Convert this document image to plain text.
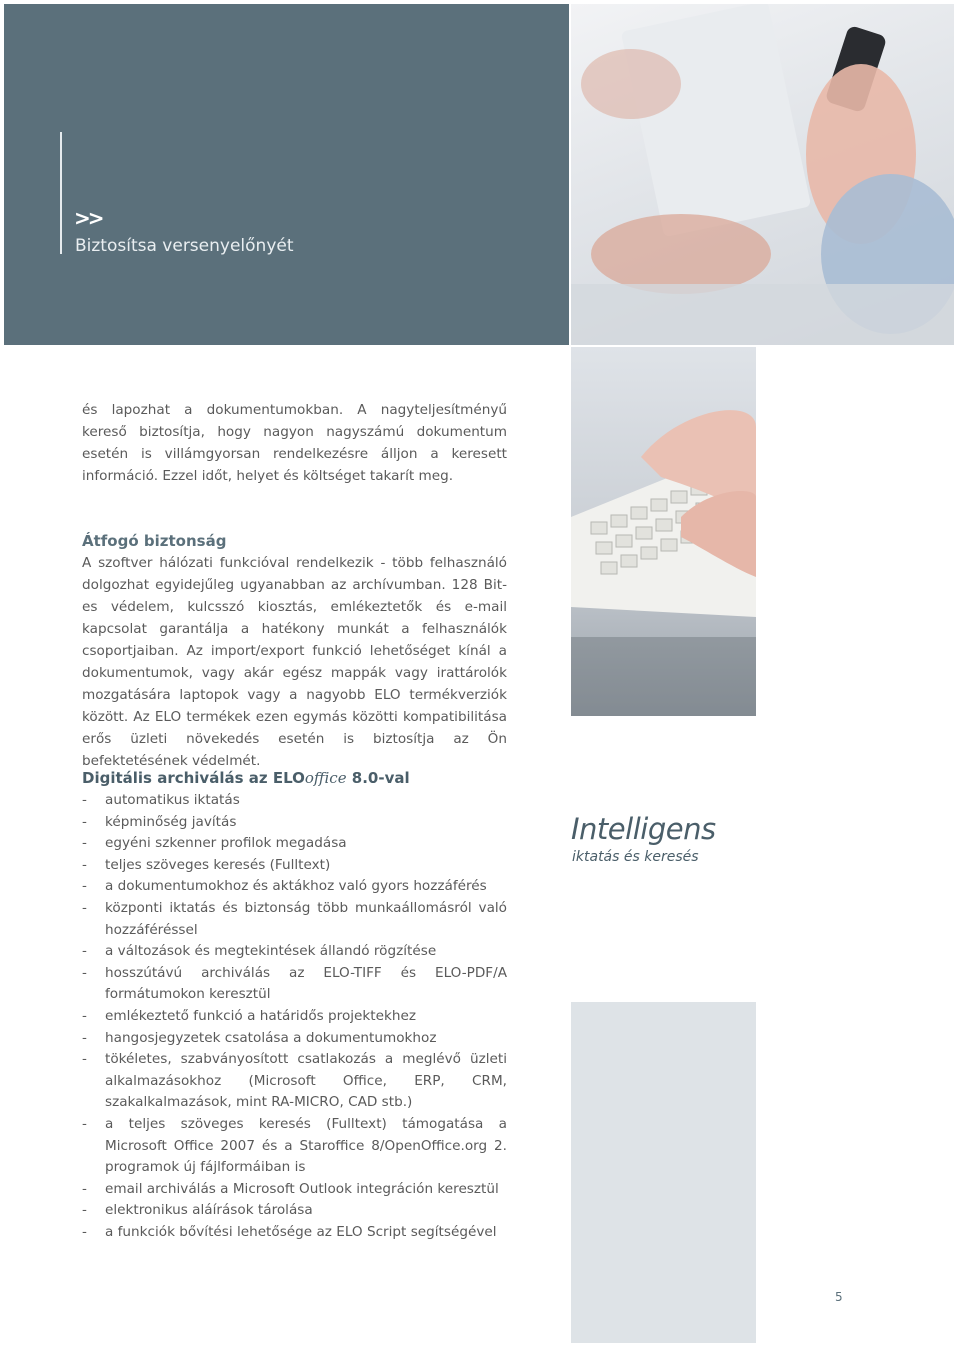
>>
Biztosítsa versenyelőnyét
és lapozhat a dokumentumokban. A nagyteljesítményű kereső biztosítja, hogy nagyon nagyszámú dokumentum esetén is villámgyorsan rendelkezésre álljon a keresett információ. Ezzel időt, helyet és költséget takarít meg.
Átfogó biztonság
A szoftver hálózati funkcióval rendelkezik - több felhasználó dolgozhat egyidejűleg ugyanabban az archívumban. 128 Bit-es védelem, kulcsszó kiosztás, emlékeztetők és e-mail kapcsolat garantálja a hatékony munkát a felhasználók csoportjaiban. Az import/export funkció lehetőséget kínál a dokumentumok, vagy akár egész mappák vagy irattárolók mozgatására laptopok vagy a nagyobb ELO termékverziók között. Az ELO termékek ezen egymás közötti kompatibilitása erős üzleti növekedés esetén is biztosítja az Ön befektetésének védelmét.
Digitális archiválás az ELOoffice 8.0-val
- automatikus iktatás
- képminőség javítás
- egyéni szkenner profilok megadása
- teljes szöveges keresés (Fulltext)
- a dokumentumokhoz és aktákhoz való gyors hozzáférés
- központi iktatás és biztonság több munkaállomásról való hozzáféréssel
- a változások és megtekintések állandó rögzítése
- hosszútávú archiválás az ELO-TIFF és ELO-PDF/A formátumokon keresztül
- emlékeztető funkció a határidős projektekhez
- hangosjegyzetek csatolása a dokumentumokhoz
- tökéletes, szabványosított csatlakozás a meglévő üzleti alkalmazásokhoz (Microsoft Office, ERP, CRM, szakalkalmazások, mint RA-MICRO, CAD stb.)
- a teljes szöveges keresés (Fulltext) támogatása a Microsoft Office 2007 és a Staroffice 8/OpenOffice.org 2. programok új fájlformáiban is
- email archiválás a Microsoft Outlook integráción keresztül
- elektronikus aláírások tárolása
- a funkciók bővítési lehetősége az ELO Script segítségével
Intelligens
iktatás és keresés
5
